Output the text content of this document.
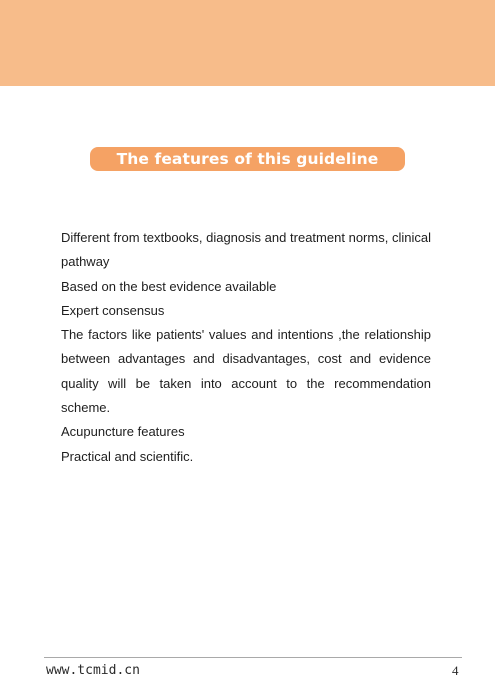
The features of this guideline

Different from textbooks, diagnosis and treatment norms, clinical pathway

Based on the best evidence available

Expert consensus

The factors like patients' values and intentions ,the relationship between advantages and disadvantages, cost and evidence quality will be taken into account to the recommendation scheme.

Acupuncture features

Practical and scientific.

www.tcmid.cn	4
